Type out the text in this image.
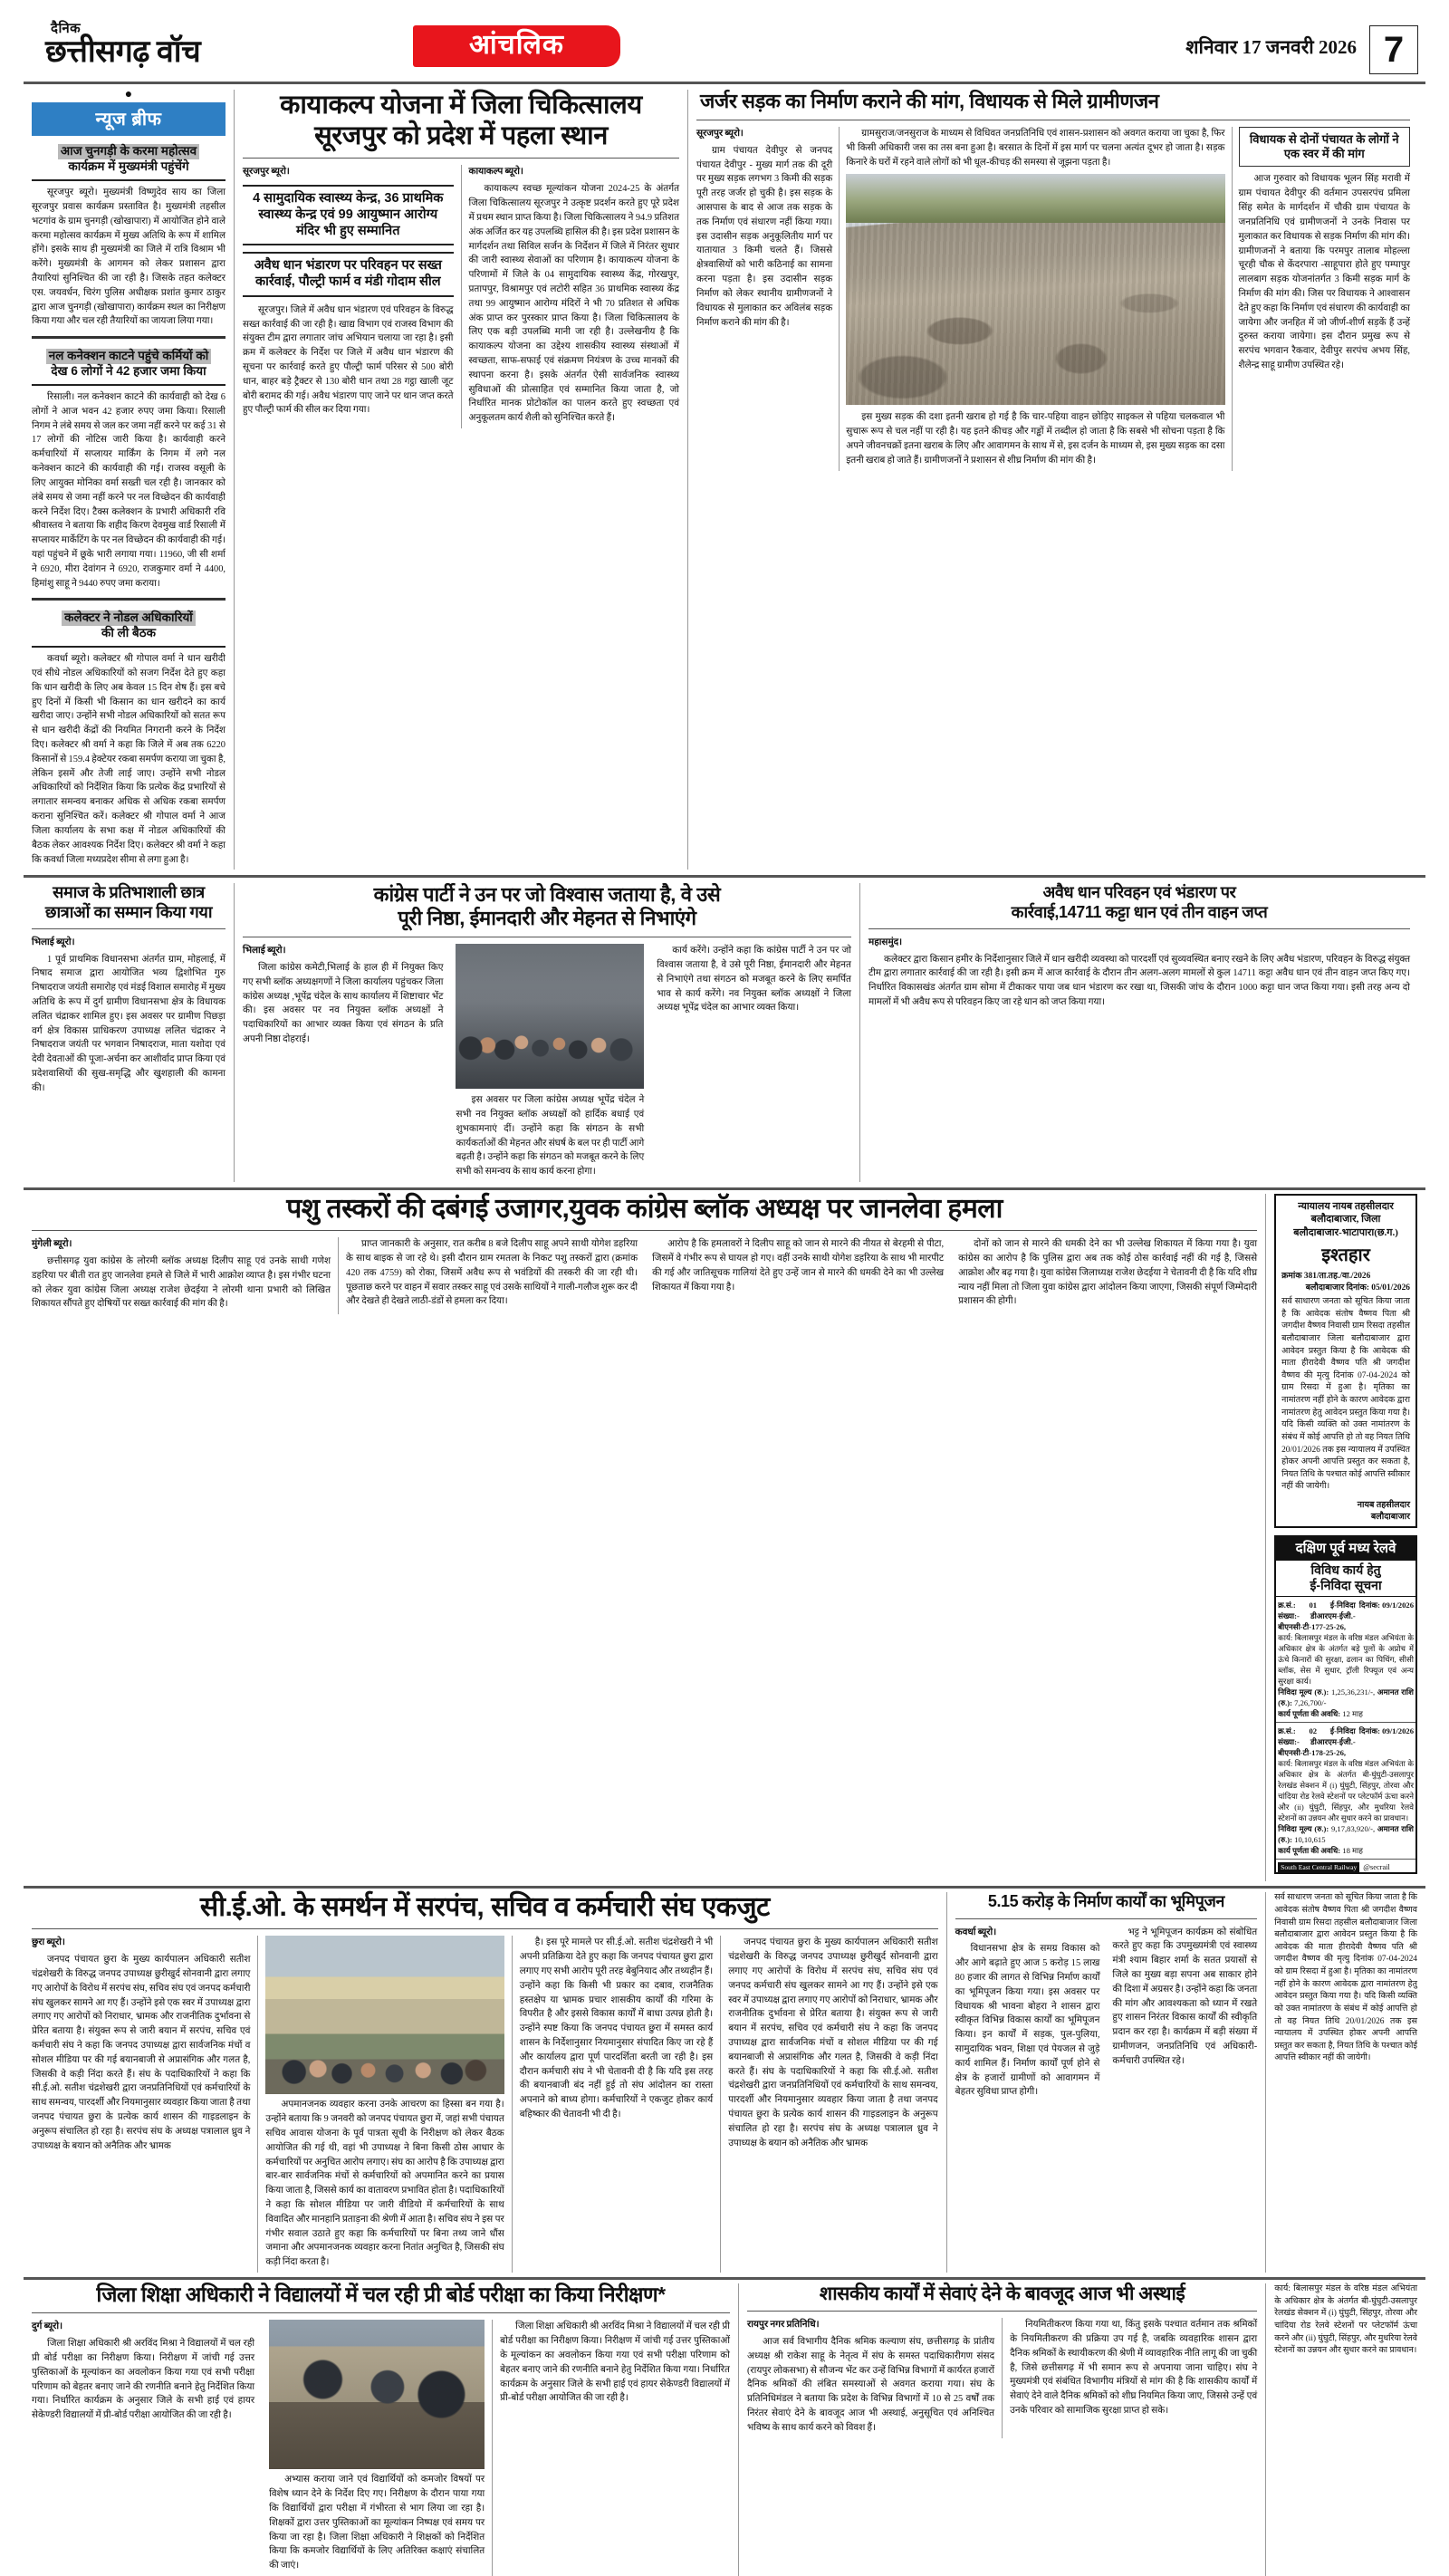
दैनिक
छत्तीसगढ़ वॉच	आंचलिक	शनिवार 17 जनवरी 2026 7
●
न्यूज ब्रीफ
आज चुनगड़ी के करमा महोत्सव
कार्यक्रम में मुख्यमंत्री पहुंचेंगे

सूरजपुर ब्यूरो। मुख्यमंत्री विष्णुदेव साय का जिला सूरजपुर प्रवास कार्यक्रम प्रस्तावित है। मुख्यमंत्री तहसील भटगांव के ग्राम चुनगड़ी (खोखापारा) में आयोजित होने वाले करमा महोत्सव कार्यक्रम में मुख्य अतिथि के रूप में शामिल होंगे। इसके साथ ही मुख्यमंत्री का जिले में रात्रि विश्राम भी करेंगे। मुख्यमंत्री के आगमन को लेकर प्रशासन द्वारा तैयारियां सुनिश्चित की जा रही है। जिसके तहत कलेक्टर एस. जयवर्धन, चिरंग पुलिस अधीक्षक प्रशांत कुमार ठाकुर द्वारा आज चुनगड़ी (खोखापारा) कार्यक्रम स्थल का निरीक्षण किया गया और चल रही तैयारियों का जायजा लिया गया।

नल कनेक्शन काटने पहुंचे कर्मियों को
देख 6 लोगों ने 42 हजार जमा किया

रिसाली। नल कनेक्शन काटने की कार्यवाही को देख 6 लोगों ने आज भवन 42 हजार रुपए जमा किया। रिसाली निगम ने लंबे समय से जल कर जमा नहीं करने पर कई 31 से 17 लोगों की नोटिस जारी किया है। कार्यवाही करने कर्मचारियों में सप्लायर मार्किंग के निगम में लगे नल कनेक्शन काटने की कार्यवाही की गई। राजस्व वसूली के लिए आयुक्त मोनिका वर्मा सख्ती चल रही है। जानकार को लंबे समय से जमा नहीं करने पर नल विच्छेदन की कार्यवाही करने निर्देश दिए। टैक्स कलेक्शन के प्रभारी अधिकारी रवि श्रीवास्तव ने बताया कि शहीद किरण देवमुख वार्ड रिसाली में सप्लायर मार्केटिंग के पर नल विच्छेदन की कार्यवाही की गई। यहां पहुंचने में छूके भारी लगाया गया। 11960, जी सी शर्मा ने 6920, मीरा देवांगन ने 6920, राजकुमार वर्मा ने 4400, हिमांशु साहू ने 9440 रुपए जमा कराया।

कलेक्टर ने नोडल अधिकारियों
की ली बैठक

कवर्धा ब्यूरो। कलेक्टर श्री गोपाल वर्मा ने धान खरीदी एवं सीधे नोडल अधिकारियों को सजग निर्देश देते हुए कहा कि धान खरीदी के लिए अब केवल 15 दिन शेष हैं। इस बचे हुए दिनों में किसी भी किसान का धान खरीदने का कार्य खरीदा जाए। उन्होंने सभी नोडल अधिकारियों को सतत रूप से धान खरीदी केंद्रों की नियमित निगरानी करने के निर्देश दिए। कलेक्टर श्री वर्मा ने कहा कि जिले में अब तक 6220 किसानों से 159.4 हेक्टेयर रकबा समर्पण कराया जा चुका है, लेकिन इसमें और तेजी लाई जाए। उन्होंने सभी नोडल अधिकारियों को निर्देशित किया कि प्रत्येक केंद्र प्रभारियों से लगातार समन्वय बनाकर अधिक से अधिक रकबा समर्पण कराना सुनिश्चित करें। कलेक्टर श्री गोपाल वर्मा ने आज जिला कार्यालय के सभा कक्ष में नोडल अधिकारियों की बैठक लेकर आवश्यक निर्देश दिए। कलेक्टर श्री वर्मा ने कहा कि कवर्धा जिला मध्यप्रदेश सीमा से लगा हुआ है।

कायाकल्प योजना में जिला चिकित्सालय
सूरजपुर को प्रदेश में पहला स्थान

सूरजपुर ब्यूरो।

4 सामुदायिक स्वास्थ्य केन्द्र, 36 प्राथमिक स्वास्थ्य केन्द्र एवं 99 आयुष्मान आरोग्य मंदिर भी हुए सम्मानित
अवैध धान भंडारण पर परिवहन पर सख्त
कार्रवाई, पौल्ट्री फार्म व मंडी गोदाम सील

सूरजपुर। जिले में अवैध धान भंडारण एवं परिवहन के विरुद्ध सख्त कार्रवाई की जा रही है। खाद्य विभाग एवं राजस्व विभाग की संयुक्त टीम द्वारा लगातार जांच अभियान चलाया जा रहा है। इसी क्रम में कलेक्टर के निर्देश पर जिले में अवैध धान भंडारण की सूचना पर कार्रवाई करते हुए पौल्ट्री फार्म परिसर से 500 बोरी धान, बाहर बड़े ट्रैक्टर से 130 बोरी धान तथा 28 गट्ठा खाली जूट बोरी बरामद की गई। अवैध भंडारण पाए जाने पर थान जप्त करते हुए पौल्ट्री फार्म की सील कर दिया गया।

कायाकल्प ब्यूरो।

कायाकल्प स्वच्छ मूल्यांकन योजना 2024-25 के अंतर्गत जिला चिकित्सालय सूरजपुर ने उत्कृष्ट प्रदर्शन करते हुए पूरे प्रदेश में प्रथम स्थान प्राप्त किया है। जिला चिकित्सालय ने 94.9 प्रतिशत अंक अर्जित कर यह उपलब्धि हासिल की है। इस प्रदेश प्रशासन के मार्गदर्शन तथा सिविल सर्जन के निर्देशन में जिले में निरंतर सुधार की जारी स्वास्थ्य सेवाओं का परिणाम है। कायाकल्प योजना के परिणामों में जिले के 04 सामुदायिक स्वास्थ्य केंद्र, गोरखपुर, प्रतापपुर, विश्रामपुर एवं लटोरी सहित 36 प्राथमिक स्वास्थ्य केंद्र तथा 99 आयुष्मान आरोग्य मंदिरों ने भी 70 प्रतिशत से अधिक अंक प्राप्त कर पुरस्कार प्राप्त किया है। जिला चिकित्सालय के लिए एक बड़ी उपलब्धि मानी जा रही है। उल्लेखनीय है कि कायाकल्प योजना का उद्देश्य शासकीय स्वास्थ्य संस्थाओं में स्वच्छता, साफ-सफाई एवं संक्रमण नियंत्रण के उच्च मानकों की स्थापना करना है। इसके अंतर्गत ऐसी सार्वजनिक स्वास्थ्य सुविधाओं की प्रोत्साहित एवं सम्मानित किया जाता है, जो निर्धारित मानक प्रोटोकॉल का पालन करते हुए स्वच्छता एवं अनुकूलतम कार्य शैली को सुनिश्चित करते हैं।

जर्जर सड़क का निर्माण कराने की मांग, विधायक से मिले ग्रामीणजन

सूरजपुर ब्यूरो।

ग्राम पंचायत देवीपुर से जनपद पंचायत देवीपुर - मुख्य मार्ग तक की दूरी पर मुख्य सड़क लगभग 3 किमी की सड़क पूरी तरह जर्जर हो चुकी है। इस सड़क के आसपास के बाद से आज तक सड़क के तक निर्माण एवं संधारण नहीं किया गया। इस उदासीन सड़क अनुकूलितीय मार्ग पर यातायात 3 किमी चलते हैं। जिससे क्षेत्रवासियों को भारी कठिनाई का सामना करना पड़ता है। इस उदासीन सड़क निर्माण को लेकर स्थानीय ग्रामीणजनों ने विधायक से मुलाकात कर अविलंब सड़क निर्माण कराने की मांग की है।

ग्रामसुराज/जनसुराज के माध्यम से विधिवत जनप्रतिनिधि एवं शासन-प्रशासन को अवगत कराया जा चुका है, फिर भी किसी अधिकारी जस का तस बना हुआ है। बरसात के दिनों में इस मार्ग पर चलना अत्यंत दूभर हो जाता है। सड़क किनारे के घरों में रहने वाले लोगों को भी धूल-कीचड़ की समस्या से जूझना पड़ता है।

इस मुख्य सड़क की दशा इतनी खराब हो गई है कि चार-पहिया वाहन छोड़िए साइकल से पहिया चलकवाल भी सुचारू रूप से चल नहीं पा रही है। यह इतने कीचड़ और गड्ढों में तब्दील हो जाता है कि सबसे भी सोचना पड़ता है कि अपने जीवनचक्रों इतना खराब के लिए और आवागमन के साथ में से, इस दर्जन के माध्यम से, इस मुख्य सड़क का दसा इतनी खराब हो जाते हैं। ग्रामीणजनों ने प्रशासन से शीघ्र निर्माण की मांग की है।

विधायक से दोनों पंचायत के लोगों ने
एक स्वर में की मांग

आज गुरुवार को विधायक भूलन सिंह मरावी में ग्राम पंचायत देवीपुर की वर्तमान उपसरपंच प्रमिला सिंह समेत के मार्गदर्शन में चौकी ग्राम पंचायत के जनप्रतिनिधि एवं ग्रामीणजनों ने उनके निवास पर मुलाकात कर विधायक से सड़क निर्माण की मांग की। ग्रामीणजनों ने बताया कि परमपुर तालाब मोहल्ला चूरही चौक से केंदरपारा -साहूपारा होते हुए पम्पापुर लालबाग सड़क योजनांतर्गत 3 किमी सड़क मार्ग के निर्माण की मांग की। जिस पर विधायक ने आश्वासन देते हुए कहा कि निर्माण एवं संधारण की कार्यवाही का जायेगा और जनहित में जो जीर्ण-शीर्ण सड़कें हैं उन्हें दुरुस्त कराया जायेगा। इस दौरान प्रमुख रूप से सरपंच भगवान रैकवार, देवीपुर सरपंच अभय सिंह, शैलेन्द्र साहू ग्रामीण उपस्थित रहे।

समाज के प्रतिभाशाली छात्र
छात्राओं का सम्मान किया गया

भिलाई ब्यूरो।

1 पूर्व प्राथमिक विधानसभा अंतर्गत ग्राम, मोहलाई, में निषाद समाज द्वारा आयोजित भव्य द्विशोभित गुरु निषादराज जयंती समारोह एवं मंडई विशाल समारोह में मुख्य अतिथि के रूप में दुर्ग ग्रामीण विधानसभा क्षेत्र के विधायक ललित चंद्राकर शामिल हुए। इस अवसर पर ग्रामीण पिछड़ा वर्ग क्षेत्र विकास प्राधिकरण उपाध्यक्ष ललित चंद्राकर ने निषादराज जयंती पर भगवान निषादराज, माता यशोदा एवं देवी देवताओं की पूजा-अर्चना कर आशीर्वाद प्राप्त किया एवं प्रदेशवासियों की सुख-समृद्धि और खुशहाली की कामना की।

कांग्रेस पार्टी ने उन पर जो विश्वास जताया है, वे उसे
पूरी निष्ठा, ईमानदारी और मेहनत से निभाएंगे

भिलाई ब्यूरो।

जिला कांग्रेस कमेटी,भिलाई के हाल ही में नियुक्त किए गए सभी ब्लॉक अध्यक्षगणों ने जिला कार्यालय पहुंचकर जिला कांग्रेस अध्यक्ष ,भूपेंद्र चंदेल के साथ कार्यालय में शिष्टाचार भेंट की। इस अवसर पर नव नियुक्त ब्लॉक अध्यक्षों ने पदाधिकारियों का आभार व्यक्त किया एवं संगठन के प्रति अपनी निष्ठा दोहराई।

इस अवसर पर जिला कांग्रेस अध्यक्ष भूपेंद्र चंदेल ने सभी नव नियुक्त ब्लॉक अध्यक्षों को हार्दिक बधाई एवं शुभकामनाएं दीं। उन्होंने कहा कि संगठन के सभी कार्यकर्ताओं की मेहनत और संघर्ष के बल पर ही पार्टी आगे बढ़ती है। उन्होंने कहा कि संगठन को मजबूत करने के लिए सभी को समन्वय के साथ कार्य करना होगा।

कार्य करेंगे। उन्होंने कहा कि कांग्रेस पार्टी ने उन पर जो विश्वास जताया है, वे उसे पूरी निष्ठा, ईमानदारी और मेहनत से निभाएंगे तथा संगठन को मजबूत करने के लिए समर्पित भाव से कार्य करेंगे। नव नियुक्त ब्लॉक अध्यक्षों ने जिला अध्यक्ष भूपेंद्र चंदेल का आभार व्यक्त किया।

अवैध धान परिवहन एवं भंडारण पर
कार्रवाई,14711 कट्टा धान एवं तीन वाहन जप्त

महासमुंद।

कलेक्टर द्वारा किसान हमीर के निर्देशानुसार जिले में धान खरीदी व्यवस्था को पारदर्शी एवं सुव्यवस्थित बनाए रखने के लिए अवैध भंडारण, परिवहन के विरुद्ध संयुक्त टीम द्वारा लगातार कार्रवाई की जा रही है। इसी क्रम में आज कार्रवाई के दौरान तीन अलग-अलग मामलों से कुल 14711 कट्टा अवैध धान एवं तीन वाहन जप्त किए गए। निर्धारित विकासखंड अंतर्गत ग्राम सोमा में टीकाकर पाया जब धान भंडारण कर रखा था, जिसकी जांच के दौरान 1000 कट्टा धान जप्त किया गया। इसी तरह अन्य दो मामलों में भी अवैध रूप से परिवहन किए जा रहे धान को जप्त किया गया।

पशु तस्करों की दबंगई उजागर,युवक कांग्रेस ब्लॉक अध्यक्ष पर जानलेवा हमला

मुंगेली ब्यूरो।

छत्तीसगढ़ युवा कांग्रेस के लोरमी ब्लॉक अध्यक्ष दिलीप साहू एवं उनके साथी गणेश डहरिया पर बीती रात हुए जानलेवा हमले से जिले में भारी आक्रोश व्याप्त है। इस गंभीर घटना को लेकर युवा कांग्रेस जिला अध्यक्ष राजेश छेदईया ने लोरमी थाना प्रभारी को लिखित शिकायत सौंपते हुए दोषियों पर सख्त कार्रवाई की मांग की है।

प्राप्त जानकारी के अनुसार, रात करीब 8 बजे दिलीप साहू अपने साथी योगेश डहरिया के साथ बाइक से जा रहे थे। इसी दौरान ग्राम रमतला के निकट पशु तस्करों द्वारा (क्रमांक 420 तक 4759) को रोका, जिसमें अवैध रूप से भवंडियों की तस्करी की जा रही थी। पूछताछ करने पर वाहन में सवार तस्कर साहू एवं उसके साथियों ने गाली-गलौज शुरू कर दी और देखते ही देखते लाठी-डंडों से हमला कर दिया।

आरोप है कि हमलावरों ने दिलीप साहू को जान से मारने की नीयत से बेरहमी से पीटा, जिसमें वे गंभीर रूप से घायल हो गए। वहीं उनके साथी योगेश डहरिया के साथ भी मारपीट की गई और जातिसूचक गालियां देते हुए उन्हें जान से मारने की धमकी देने का भी उल्लेख शिकायत में किया गया है।

दोनों को जान से मारने की धमकी देने का भी उल्लेख शिकायत में किया गया है। युवा कांग्रेस का आरोप है कि पुलिस द्वारा अब तक कोई ठोस कार्रवाई नहीं की गई है, जिससे आक्रोश और बढ़ गया है। युवा कांग्रेस जिलाध्यक्ष राजेश छेदईया ने चेतावनी दी है कि यदि शीघ्र न्याय नहीं मिला तो जिला युवा कांग्रेस द्वारा आंदोलन किया जाएगा, जिसकी संपूर्ण जिम्मेदारी प्रशासन की होगी।

न्यायालय नायब तहसीलदार
बलौदाबाजार, जिला
बलौदाबाजार-भाटापारा(छ.ग.)
इश्तहार
क्रमांक 381/ता.तह./वा./2026
बलौदाबाजार दिनांक: 05/01/2026

सर्व साधारण जनता को सूचित किया जाता है कि आवेदक संतोष वैष्णव पिता श्री जगदीश वैष्णव निवासी ग्राम रिसदा तहसील बलौदाबाजार जिला बलौदाबाजार द्वारा आवेदन प्रस्तुत किया है कि आवेदक की माता हीरादेवी वैष्णव पति श्री जगदीश वैष्णव की मृत्यु दिनांक 07-04-2024 को ग्राम रिसदा में हुआ है। मृतिका का नामांतरण नहीं होने के कारण आवेदक द्वारा नामांतरण हेतु आवेदन प्रस्तुत किया गया है। यदि किसी व्यक्ति को उक्त नामांतरण के संबंध में कोई आपत्ति हो तो वह नियत तिथि 20/01/2026 तक इस न्यायालय में उपस्थित होकर अपनी आपत्ति प्रस्तुत कर सकता है, नियत तिथि के पश्चात कोई आपत्ति स्वीकार नहीं की जायेगी।

नायब तहसीलदार
बलौदाबाजार
दक्षिण पूर्व मध्य रेलवे
विविध कार्य हेतु
ई-निविदा सूचना
क्र.सं.: 01 ई-निविदा संख्या:- डीआरएम-ईजी.-बीएनसी-टी-177-25-26,
दिनांक: 09/1/2026
कार्य: बिलासपुर मंडल के वरिष्ठ मंडल अभियंता के अधिकार क्षेत्र के अंतर्गत बड़े पुलों के अप्रोच में ऊंचे किनारों की सुरक्षा, ढलान का पिचिंग, सीसी ब्लॉक, सेस में सुधार, ट्रॉली रिफ्यूज एवं अन्य सुरक्षा कार्य।
निविदा मूल्य (रु.): 1,25,36,231/-, अमानत राशि (रु.): 7,26,700/-
कार्य पूर्णता की अवधि: 12 माह
क्र.सं.: 02 ई-निविदा संख्या:- डीआरएम-ईजी.-बीएनसी-टी-178-25-26,
दिनांक: 09/1/2026
कार्य: बिलासपुर मंडल के वरिष्ठ मंडल अभियंता के अधिकार क्षेत्र के अंतर्गत बी-घुंघुटी-उसलापुर रेलखंड सेक्शन में (i) घुंघुटी, सिंहपुर, तोरवा और चांदिया रोड रेलवे स्टेशनों पर प्लेटफॉर्म ऊंचा करने और (ii) घुंघुटी, सिंहपुर, और मुधरिया रेलवे स्टेशनों का उन्नयन और सुधार करने का प्रावधान।
निविदा मूल्य (रु.): 9,17,83,920/-, अमानत राशि (रु.): 10,10,615
कार्य पूर्णता की अवधि: 18 माह
South East Central Railway @secrail
सी.ई.ओ. के समर्थन में सरपंच, सचिव व कर्मचारी संघ एकजुट

छुरा ब्यूरो।

जनपद पंचायत छुरा के मुख्य कार्यपालन अधिकारी सतीश चंद्रशेखरी के विरुद्ध जनपद उपाध्यक्ष छुरीखुर्द सोनवानी द्वारा लगाए गए आरोपों के विरोध में सरपंच संघ, सचिव संघ एवं जनपद कर्मचारी संघ खुलकर सामने आ गए हैं। उन्होंने इसे एक स्वर में उपाध्यक्ष द्वारा लगाए गए आरोपों को निराधार, भ्रामक और राजनीतिक दुर्भावना से प्रेरित बताया है। संयुक्त रूप से जारी बयान में सरपंच, सचिव एवं कर्मचारी संघ ने कहा कि जनपद उपाध्यक्ष द्वारा सार्वजनिक मंचों व सोशल मीडिया पर की गई बयानबाजी से अप्रासंगिक और गलत है, जिसकी वे कड़ी निंदा करते हैं। संघ के पदाधिकारियों ने कहा कि सी.ई.ओ. सतीश चंद्रशेखरी द्वारा जनप्रतिनिधियों एवं कर्मचारियों के साथ समन्वय, पारदर्शी और नियमानुसार व्यवहार किया जाता है तथा जनपद पंचायत छुरा के प्रत्येक कार्य शासन की गाइडलाइन के अनुरूप संचालित हो रहा है। सरपंच संघ के अध्यक्ष पत्रालाल ध्रुव ने उपाध्यक्ष के बयान को अनैतिक और भ्रामक

अपमानजनक व्यवहार करना उनके आचरण का हिस्सा बन गया है। उन्होंने बताया कि 9 जनवरी को जनपद पंचायत छुरा में, जहां सभी पंचायत सचिव आवास योजना के पूर्व पात्रता सूची के निरीक्षण को लेकर बैठक आयोजित की गई थी, वहां भी उपाध्यक्ष ने बिना किसी ठोस आधार के कर्मचारियों पर अनुचित आरोप लगाए। संघ का आरोप है कि उपाध्यक्ष द्वारा बार-बार सार्वजनिक मंचों से कर्मचारियों को अपमानित करने का प्रयास किया जाता है, जिससे कार्य का वातावरण प्रभावित होता है। पदाधिकारियों ने कहा कि सोशल मीडिया पर जारी वीडियो में कर्मचारियों के साथ विवादित और मानहानि प्रताड़ना की श्रेणी में आता है। सचिव संघ ने इस पर गंभीर सवाल उठाते हुए कहा कि कर्मचारियों पर बिना तथ्य जाने धौंस जमाना और अपमानजनक व्यवहार करना नितांत अनुचित है, जिसकी संघ कड़ी निंदा करता है।

है। इस पूरे मामले पर सी.ई.ओ. सतीश चंद्रशेखरी ने भी अपनी प्रतिक्रिया देते हुए कहा कि जनपद पंचायत छुरा द्वारा लगाए गए सभी आरोप पूरी तरह बेबुनियाद और तथ्यहीन हैं। उन्होंने कहा कि किसी भी प्रकार का दबाव, राजनैतिक हस्तक्षेप या भ्रामक प्रचार शासकीय कार्यों की गरिमा के विपरीत है और इससे विकास कार्यों में बाधा उत्पन्न होती है। उन्होंने स्पष्ट किया कि जनपद पंचायत छुरा में समस्त कार्य शासन के निर्देशानुसार नियमानुसार संपादित किए जा रहे हैं और कार्यालय द्वारा पूर्ण पारदर्शिता बरती जा रही है। इस दौरान कर्मचारी संघ ने भी चेतावनी दी है कि यदि इस तरह की बयानबाजी बंद नहीं हुई तो संघ आंदोलन का रास्ता अपनाने को बाध्य होगा। कर्मचारियों ने एकजुट होकर कार्य बहिष्कार की चेतावनी भी दी है।

जनपद पंचायत छुरा के मुख्य कार्यपालन अधिकारी सतीश चंद्रशेखरी के विरुद्ध जनपद उपाध्यक्ष छुरीखुर्द सोनवानी द्वारा लगाए गए आरोपों के विरोध में सरपंच संघ, सचिव संघ एवं जनपद कर्मचारी संघ खुलकर सामने आ गए हैं। उन्होंने इसे एक स्वर में उपाध्यक्ष द्वारा लगाए गए आरोपों को निराधार, भ्रामक और राजनीतिक दुर्भावना से प्रेरित बताया है। संयुक्त रूप से जारी बयान में सरपंच, सचिव एवं कर्मचारी संघ ने कहा कि जनपद उपाध्यक्ष द्वारा सार्वजनिक मंचों व सोशल मीडिया पर की गई बयानबाजी से अप्रासंगिक और गलत है, जिसकी वे कड़ी निंदा करते हैं। संघ के पदाधिकारियों ने कहा कि सी.ई.ओ. सतीश चंद्रशेखरी द्वारा जनप्रतिनिधियों एवं कर्मचारियों के साथ समन्वय, पारदर्शी और नियमानुसार व्यवहार किया जाता है तथा जनपद पंचायत छुरा के प्रत्येक कार्य शासन की गाइडलाइन के अनुरूप संचालित हो रहा है। सरपंच संघ के अध्यक्ष पत्रालाल ध्रुव ने उपाध्यक्ष के बयान को अनैतिक और भ्रामक

5.15 करोड़ के निर्माण कार्यों का भूमिपूजन

कवर्धा ब्यूरो।

विधानसभा क्षेत्र के समग्र विकास को और आगे बढ़ाते हुए आज 5 करोड़ 15 लाख 80 हजार की लागत से विभिन्न निर्माण कार्यों का भूमिपूजन किया गया। इस अवसर पर विधायक श्री भावना बोहरा ने शासन द्वारा स्वीकृत विभिन्न विकास कार्यों का भूमिपूजन किया। इन कार्यों में सड़क, पुल-पुलिया, सामुदायिक भवन, शिक्षा एवं पेयजल से जुड़े कार्य शामिल हैं। निर्माण कार्यों पूर्ण होने से क्षेत्र के हजारों ग्रामीणों को आवागमन में बेहतर सुविधा प्राप्त होगी।

भट्ट ने भूमिपूजन कार्यक्रम को संबोधित करते हुए कहा कि उपमुख्यमंत्री एवं स्वास्थ्य मंत्री श्याम बिहार शर्मा के सतत प्रयासों से जिले का मुख्य बड़ा सपना अब साकार होने की दिशा में अग्रसर है। उन्होंने कहा कि जनता की मांग और आवश्यकता को ध्यान में रखते हुए शासन निरंतर विकास कार्यों की स्वीकृति प्रदान कर रहा है। कार्यक्रम में बड़ी संख्या में ग्रामीणजन, जनप्रतिनिधि एवं अधिकारी-कर्मचारी उपस्थित रहे।

सर्व साधारण जनता को सूचित किया जाता है कि आवेदक संतोष वैष्णव पिता श्री जगदीश वैष्णव निवासी ग्राम रिसदा तहसील बलौदाबाजार जिला बलौदाबाजार द्वारा आवेदन प्रस्तुत किया है कि आवेदक की माता हीरादेवी वैष्णव पति श्री जगदीश वैष्णव की मृत्यु दिनांक 07-04-2024 को ग्राम रिसदा में हुआ है। मृतिका का नामांतरण नहीं होने के कारण आवेदक द्वारा नामांतरण हेतु आवेदन प्रस्तुत किया गया है। यदि किसी व्यक्ति को उक्त नामांतरण के संबंध में कोई आपत्ति हो तो वह नियत तिथि 20/01/2026 तक इस न्यायालय में उपस्थित होकर अपनी आपत्ति प्रस्तुत कर सकता है, नियत तिथि के पश्चात कोई आपत्ति स्वीकार नहीं की जायेगी।

जिला शिक्षा अधिकारी ने विद्यालयों में चल रही प्री बोर्ड परीक्षा का किया निरीक्षण*

दुर्ग ब्यूरो।

जिला शिक्षा अधिकारी श्री अरविंद मिश्रा ने विद्यालयों में चल रही प्री बोर्ड परीक्षा का निरीक्षण किया। निरीक्षण में जांची गई उत्तर पुस्तिकाओं के मूल्यांकन का अवलोकन किया गया एवं सभी परीक्षा परिणाम को बेहतर बनाए जाने की रणनीति बनाने हेतु निर्देशित किया गया। निर्धारित कार्यक्रम के अनुसार जिले के सभी हाई एवं हायर सेकेण्डरी विद्यालयों में प्री-बोर्ड परीक्षा आयोजित की जा रही है।

अभ्यास कराया जाने एवं विद्यार्थियों को कमजोर विषयों पर विशेष ध्यान देने के निर्देश दिए गए। निरीक्षण के दौरान पाया गया कि विद्यार्थियों द्वारा परीक्षा में गंभीरता से भाग लिया जा रहा है। शिक्षकों द्वारा उत्तर पुस्तिकाओं का मूल्यांकन निष्पक्ष एवं समय पर किया जा रहा है। जिला शिक्षा अधिकारी ने शिक्षकों को निर्देशित किया कि कमजोर विद्यार्थियों के लिए अतिरिक्त कक्षाएं संचालित की जाएं।

जिला शिक्षा अधिकारी श्री अरविंद मिश्रा ने विद्यालयों में चल रही प्री बोर्ड परीक्षा का निरीक्षण किया। निरीक्षण में जांची गई उत्तर पुस्तिकाओं के मूल्यांकन का अवलोकन किया गया एवं सभी परीक्षा परिणाम को बेहतर बनाए जाने की रणनीति बनाने हेतु निर्देशित किया गया। निर्धारित कार्यक्रम के अनुसार जिले के सभी हाई एवं हायर सेकेण्डरी विद्यालयों में प्री-बोर्ड परीक्षा आयोजित की जा रही है।

शासकीय कार्यों में सेवाएं देने के बावजूद आज भी अस्थाई

रायपुर नगर प्रतिनिधि।

आज सर्व विभागीय दैनिक श्रमिक कल्याण संघ, छत्तीसगढ़ के प्रांतीय अध्यक्ष श्री राकेश साहू के नेतृत्व में संघ के समस्त पदाधिकारीगण संसद (रायपुर लोकसभा) से सौजन्य भेंट कर उन्हें विभिन्न विभागों में कार्यरत हजारों दैनिक श्रमिकों की लंबित समस्याओं से अवगत कराया गया। संघ के प्रतिनिधिमंडल ने बताया कि प्रदेश के विभिन्न विभागों में 10 से 25 वर्षों तक निरंतर सेवाएं देने के बावजूद आज भी अस्थाई, अनुसूचित एवं अनिश्चित भविष्य के साथ कार्य करने को विवश हैं।

नियमितीकरण किया गया था, किंतु इसके पश्चात वर्तमान तक श्रमिकों के नियमितीकरण की प्रक्रिया उप गई है, जबकि व्यवहारिक शासन द्वारा दैनिक श्रमिकों के स्थायीकरण की श्रेणी में व्यावहारिक नीति लागू की जा चुकी है, जिसे छत्तीसगढ़ में भी समान रूप से अपनाया जाना चाहिए। संघ ने मुख्यमंत्री एवं संबंधित विभागीय मंत्रियों से मांग की है कि शासकीय कार्यों में सेवाएं देने वाले दैनिक श्रमिकों को शीघ्र नियमित किया जाए, जिससे उन्हें एवं उनके परिवार को सामाजिक सुरक्षा प्राप्त हो सके।

कार्य: बिलासपुर मंडल के वरिष्ठ मंडल अभियंता के अधिकार क्षेत्र के अंतर्गत बी-घुंघुटी-उसलापुर रेलखंड सेक्शन में (i) घुंघुटी, सिंहपुर, तोरवा और चांदिया रोड रेलवे स्टेशनों पर प्लेटफॉर्म ऊंचा करने और (ii) घुंघुटी, सिंहपुर, और मुधरिया रेलवे स्टेशनों का उन्नयन और सुधार करने का प्रावधान।
